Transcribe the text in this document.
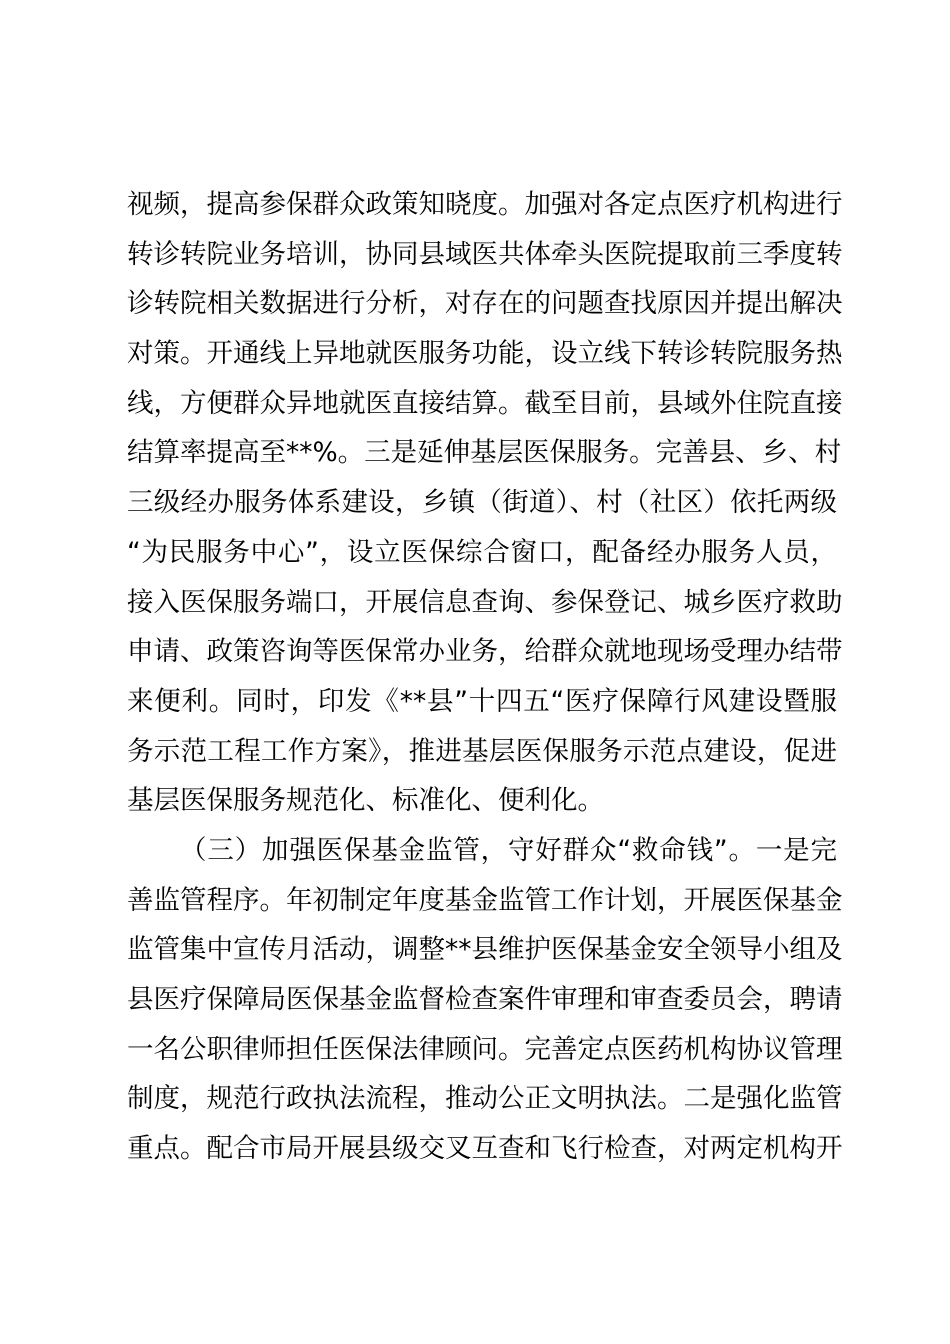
视频，提高参保群众政策知晓度。加强对各定点医疗机构进行
转诊转院业务培训，协同县域医共体牵头医院提取前三季度转
诊转院相关数据进行分析，对存在的问题查找原因并提出解决
对策。开通线上异地就医服务功能，设立线下转诊转院服务热
线，方便群众异地就医直接结算。截至目前，县域外住院直接
结算率提高至**%。三是延伸基层医保服务。完善县、乡、村
三级经办服务体系建设，乡镇（街道）、村（社区）依托两级
“为民服务中心”，设立医保综合窗口，配备经办服务人员，
接入医保服务端口，开展信息查询、参保登记、城乡医疗救助
申请、政策咨询等医保常办业务，给群众就地现场受理办结带
来便利。同时，印发《**县”十四五“医疗保障行风建设暨服
务示范工程工作方案》，推进基层医保服务示范点建设，促进
基层医保服务规范化、标准化、便利化。
（三）加强医保基金监管，守好群众“救命钱”。一是完
善监管程序。年初制定年度基金监管工作计划，开展医保基金
监管集中宣传月活动，调整**县维护医保基金安全领导小组及
县医疗保障局医保基金监督检查案件审理和审查委员会，聘请
一名公职律师担任医保法律顾问。完善定点医药机构协议管理
制度，规范行政执法流程，推动公正文明执法。二是强化监管
重点。配合市局开展县级交叉互查和飞行检查，对两定机构开
